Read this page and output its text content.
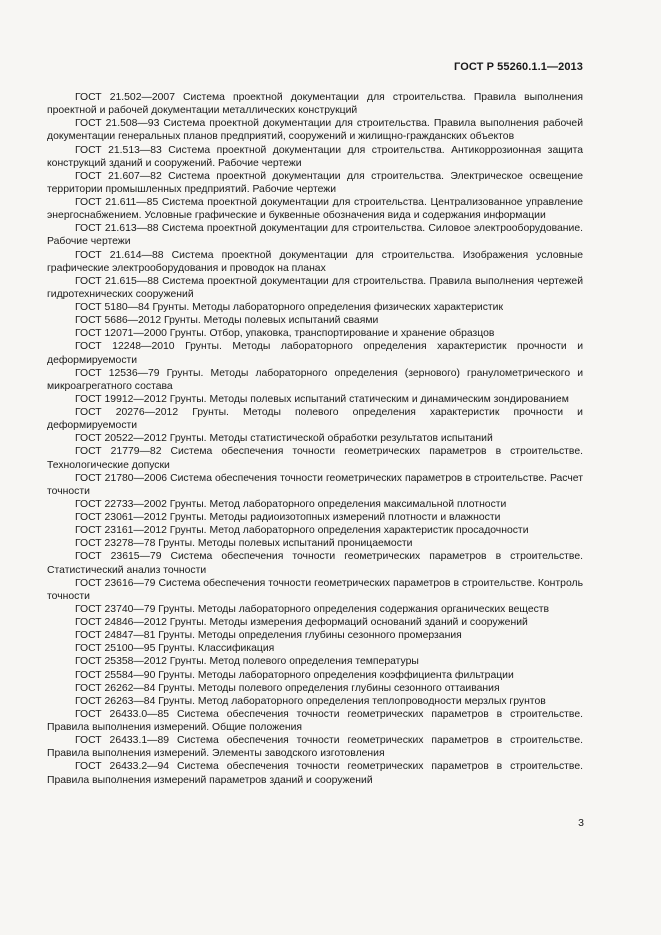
ГОСТ Р 55260.1.1—2013

ГОСТ 21.502—2007 Система проектной документации для строительства. Правила выполнения проектной и рабочей документации металлических конструкций

ГОСТ 21.508—93 Система проектной документации для строительства. Правила выполнения рабочей документации генеральных планов предприятий, сооружений и жилищно-гражданских объектов

ГОСТ 21.513—83 Система проектной документации для строительства. Антикоррозионная защита конструкций зданий и сооружений. Рабочие чертежи

ГОСТ 21.607—82 Система проектной документации для строительства. Электрическое освещение территории промышленных предприятий. Рабочие чертежи

ГОСТ 21.611—85 Система проектной документации для строительства. Централизованное управление энергоснабжением. Условные графические и буквенные обозначения вида и содержания информации

ГОСТ 21.613—88 Система проектной документации для строительства. Силовое электрооборудование. Рабочие чертежи

ГОСТ 21.614—88 Система проектной документации для строительства. Изображения условные графические электрооборудования и проводок на планах

ГОСТ 21.615—88 Система проектной документации для строительства. Правила выполнения чертежей гидротехнических сооружений

ГОСТ 5180—84 Грунты. Методы лабораторного определения физических характеристик

ГОСТ 5686—2012 Грунты. Методы полевых испытаний сваями

ГОСТ 12071—2000 Грунты. Отбор, упаковка, транспортирование и хранение образцов

ГОСТ 12248—2010 Грунты. Методы лабораторного определения характеристик прочности и деформируемости

ГОСТ 12536—79 Грунты. Методы лабораторного определения (зернового) гранулометрического и микроагрегатного состава

ГОСТ 19912—2012 Грунты. Методы полевых испытаний статическим и динамическим зондированием

ГОСТ 20276—2012 Грунты. Методы полевого определения характеристик прочности и деформируемости

ГОСТ 20522—2012 Грунты. Методы статистической обработки результатов испытаний

ГОСТ 21779—82 Система обеспечения точности геометрических параметров в строительстве. Технологические допуски

ГОСТ 21780—2006 Система обеспечения точности геометрических параметров в строительстве. Расчет точности

ГОСТ 22733—2002 Грунты. Метод лабораторного определения максимальной плотности

ГОСТ 23061—2012 Грунты. Методы радиоизотопных измерений плотности и влажности

ГОСТ 23161—2012 Грунты. Метод лабораторного определения характеристик просадочности

ГОСТ 23278—78 Грунты. Методы полевых испытаний проницаемости

ГОСТ 23615—79 Система обеспечения точности геометрических параметров в строительстве. Статистический анализ точности

ГОСТ 23616—79 Система обеспечения точности геометрических параметров в строительстве. Контроль точности

ГОСТ 23740—79 Грунты. Методы лабораторного определения содержания органических веществ

ГОСТ 24846—2012 Грунты. Методы измерения деформаций оснований зданий и сооружений

ГОСТ 24847—81 Грунты. Методы определения глубины сезонного промерзания

ГОСТ 25100—95 Грунты. Классификация

ГОСТ 25358—2012 Грунты. Метод полевого определения температуры

ГОСТ 25584—90 Грунты. Методы лабораторного определения коэффициента фильтрации

ГОСТ 26262—84 Грунты. Методы полевого определения глубины сезонного оттаивания

ГОСТ 26263—84 Грунты. Метод лабораторного определения теплопроводности мерзлых грунтов

ГОСТ 26433.0—85 Система обеспечения точности геометрических параметров в строительстве. Правила выполнения измерений. Общие положения

ГОСТ 26433.1—89 Система обеспечения точности геометрических параметров в строительстве. Правила выполнения измерений. Элементы заводского изготовления

ГОСТ 26433.2—94 Система обеспечения точности геометрических параметров в строительстве. Правила выполнения измерений параметров зданий и сооружений

3
